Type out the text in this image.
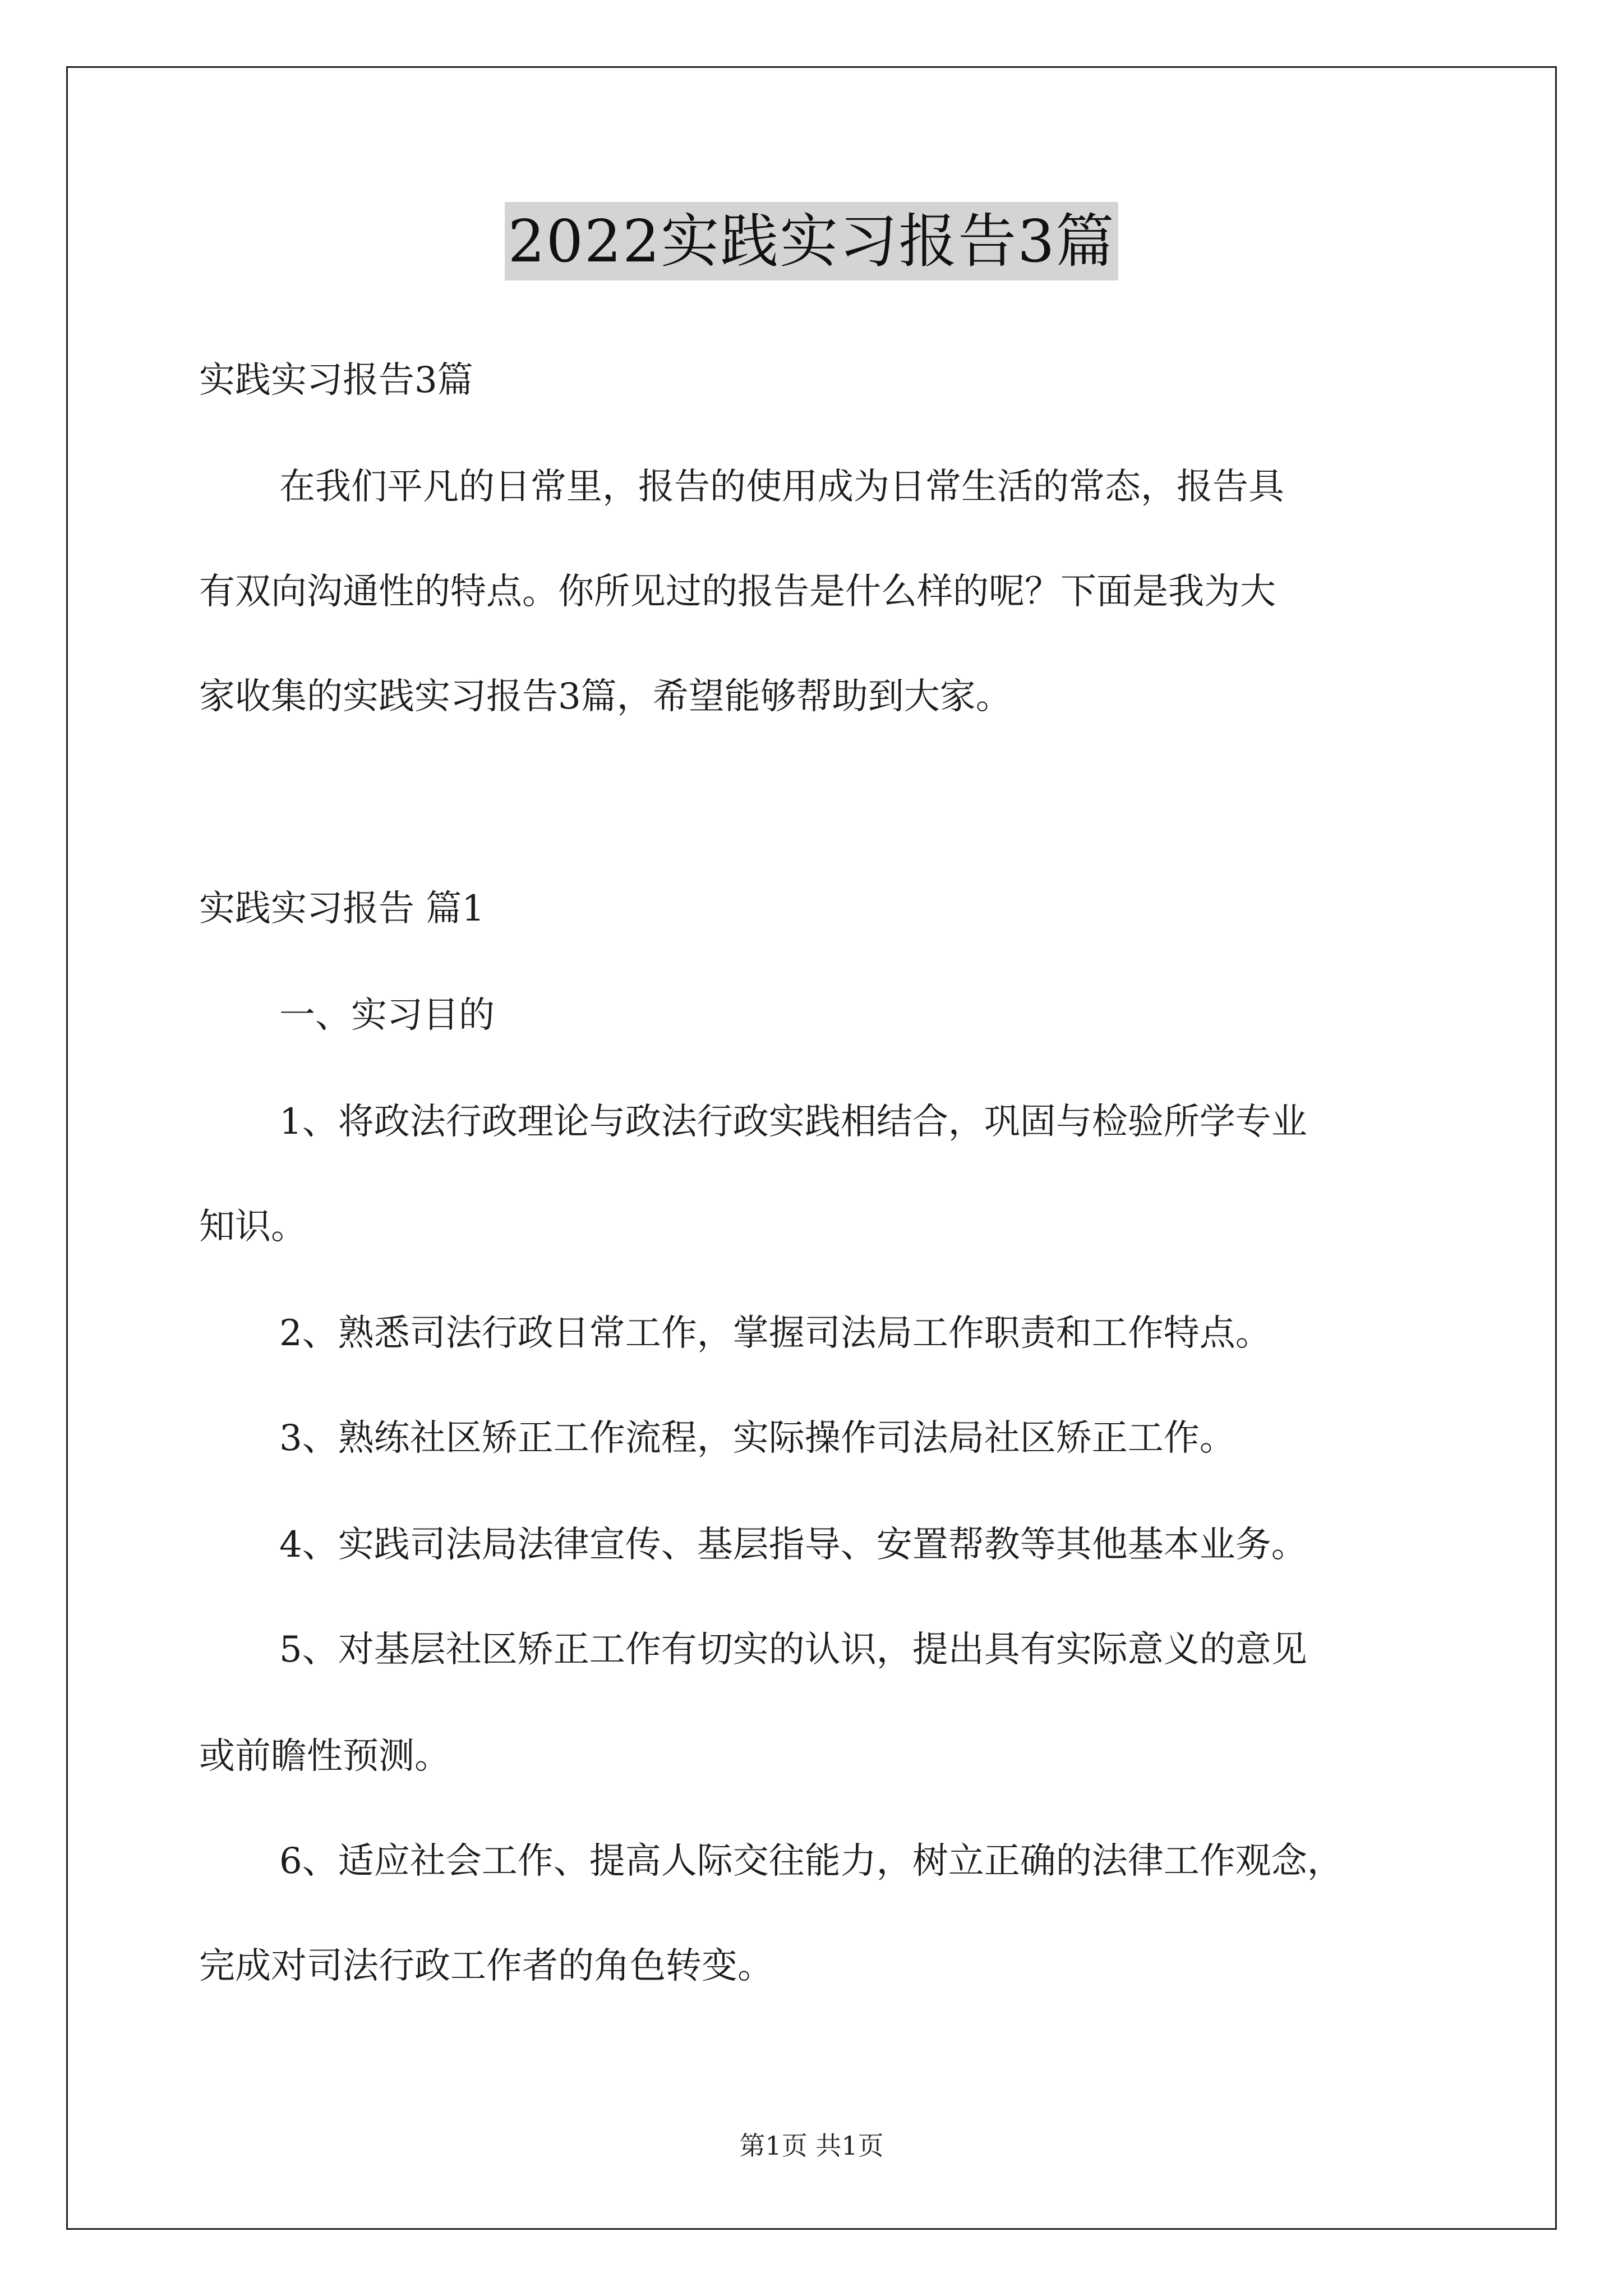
2022实践实习报告3篇
实践实习报告3篇
在我们平凡的日常里，报告的使用成为日常生活的常态，报告具
有双向沟通性的特点。你所见过的报告是什么样的呢？下面是我为大
家收集的实践实习报告3篇，希望能够帮助到大家。
实践实习报告 篇1
一、实习目的
1、将政法行政理论与政法行政实践相结合，巩固与检验所学专业
知识。
2、熟悉司法行政日常工作，掌握司法局工作职责和工作特点。
3、熟练社区矫正工作流程，实际操作司法局社区矫正工作。
4、实践司法局法律宣传、基层指导、安置帮教等其他基本业务。
5、对基层社区矫正工作有切实的认识，提出具有实际意义的意见
或前瞻性预测。
6、适应社会工作、提高人际交往能力，树立正确的法律工作观念，
完成对司法行政工作者的角色转变。
第1页 共1页
